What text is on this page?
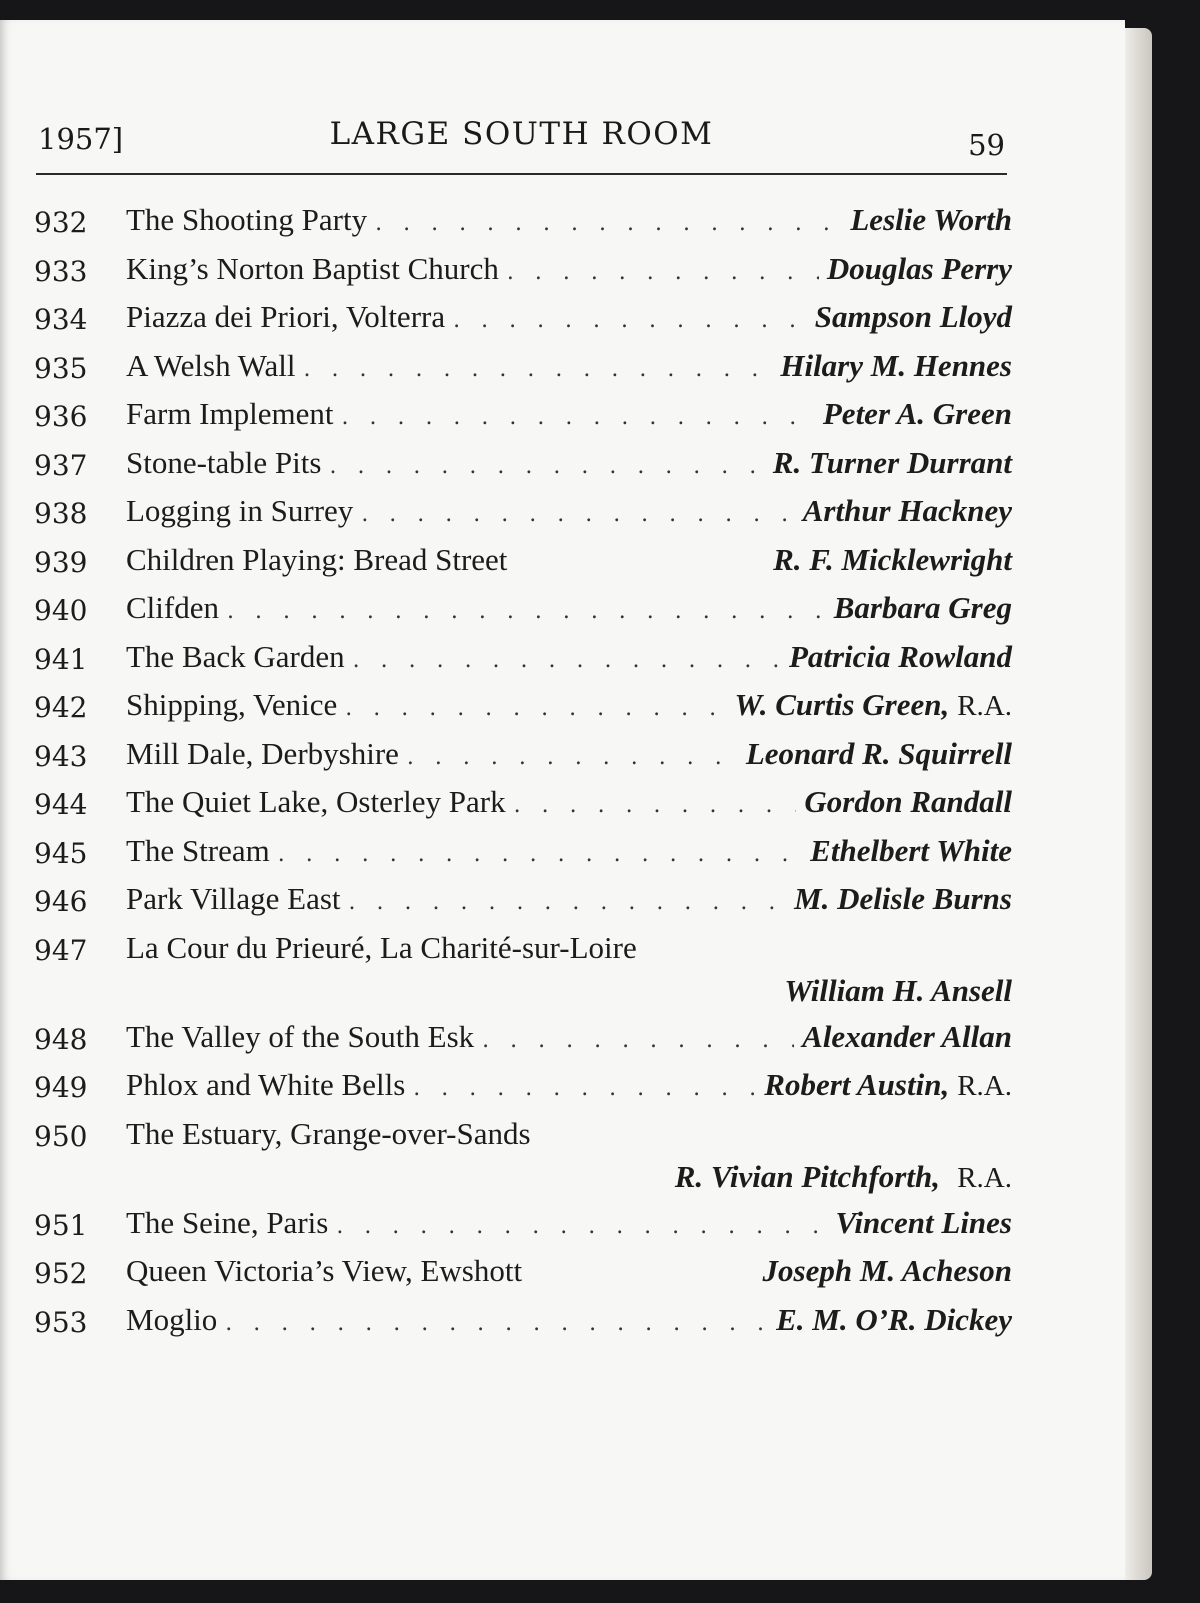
1957]	LARGE SOUTH ROOM	59
932 The Shooting Party . . .	Leslie Worth
933 King’s Norton Baptist Church . . .	Douglas Perry
934 Piazza dei Priori, Volterra . . .	Sampson Lloyd
935 A Welsh Wall . . .	Hilary M. Hennes
936 Farm Implement . . .	Peter A. Green
937 Stone-table Pits . . .	R. Turner Durrant
938 Logging in Surrey . . .	Arthur Hackney
939 Children Playing: Bread Street	R. F. Micklewright
940 Clifden . . .	Barbara Greg
941 The Back Garden . . .	Patricia Rowland
942 Shipping, Venice . . .	W. Curtis Green, R.A.
943 Mill Dale, Derbyshire . . .	Leonard R. Squirrell
944 The Quiet Lake, Osterley Park . . .	Gordon Randall
945 The Stream . . .	Ethelbert White
946 Park Village East . . .	M. Delisle Burns
947 La Cour du Prieuré, La Charité-sur-Loire
William H. Ansell
948 The Valley of the South Esk . . .	Alexander Allan
949 Phlox and White Bells . . .	Robert Austin, R.A.
950 The Estuary, Grange-over-Sands
R. Vivian Pitchforth, R.A.
951 The Seine, Paris . . .	Vincent Lines
952 Queen Victoria’s View, Ewshott	Joseph M. Acheson
953 Moglio . . .	E. M. O’R. Dickey
